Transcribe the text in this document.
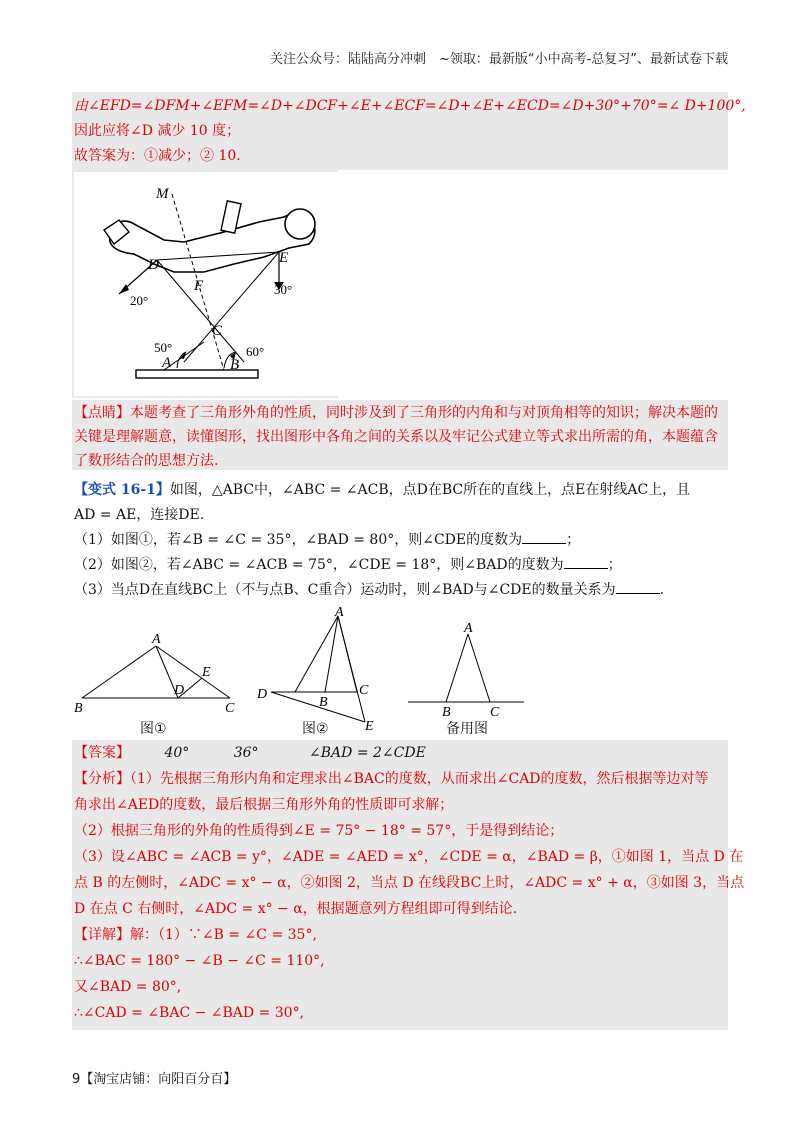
关注公众号：陆陆高分冲刺　~领取：最新版“小中高考-总复习”、最新试卷下载
由∠EFD=∠DFM+∠EFM=∠D+∠DCF+∠E+∠ECF=∠D+∠E+∠ECD=∠D+30°+70°=∠ D+100°,
因此应将∠D 减少 10 度；
故答案为：①减少；② 10.
M
D	E
F
C
A	B
20°
30°
50°	60°
【点睛】本题考查了三角形外角的性质，同时涉及到了三角形的内角和与对顶角相等的知识；解决本题的
关键是理解题意，读懂图形，找出图形中各角之间的关系以及牢记公式建立等式求出所需的角，本题蕴含
了数形结合的思想方法.
【变式 16-1】如图，△ABC中，∠ABC = ∠ACB，点D在BC所在的直线上，点E在射线AC上，且
AD = AE，连接DE.
（1）如图①，若∠B = ∠C = 35°，∠BAD = 80°，则∠CDE的度数为	；
（2）如图②，若∠ABC = ∠ACB = 75°，∠CDE = 18°，则∠BAD的度数为	；
（3）当点D在直线BC上（不与点B、C重合）运动时，则∠BAD与∠CDE的数量关系为	.
A
B	C
D
E
图①
A
B
C
D
E
图②
A
B	C
备用图
【答案】 40°	36°	∠BAD = 2∠CDE
【分析】（1）先根据三角形内角和定理求出∠BAC的度数，从而求出∠CAD的度数，然后根据等边对等
角求出∠AED的度数，最后根据三角形外角的性质即可求解；
（2）根据三角形的外角的性质得到∠E = 75° − 18° = 57°，于是得到结论；
（3）设∠ABC = ∠ACB = y°，∠ADE = ∠AED = x°，∠CDE = α，∠BAD = β，①如图 1，当点 D 在
点 B 的左侧时，∠ADC = x° − α，②如图 2，当点 D 在线段BC上时，∠ADC = x° + α，③如图 3，当点
D 在点 C 右侧时，∠ADC = x° − α，根据题意列方程组即可得到结论.
【详解】解：（1）∵∠B = ∠C = 35°,
∴∠BAC = 180° − ∠B − ∠C = 110°,
又∠BAD = 80°,
∴∠CAD = ∠BAC − ∠BAD = 30°,
9【淘宝店铺：向阳百分百】
